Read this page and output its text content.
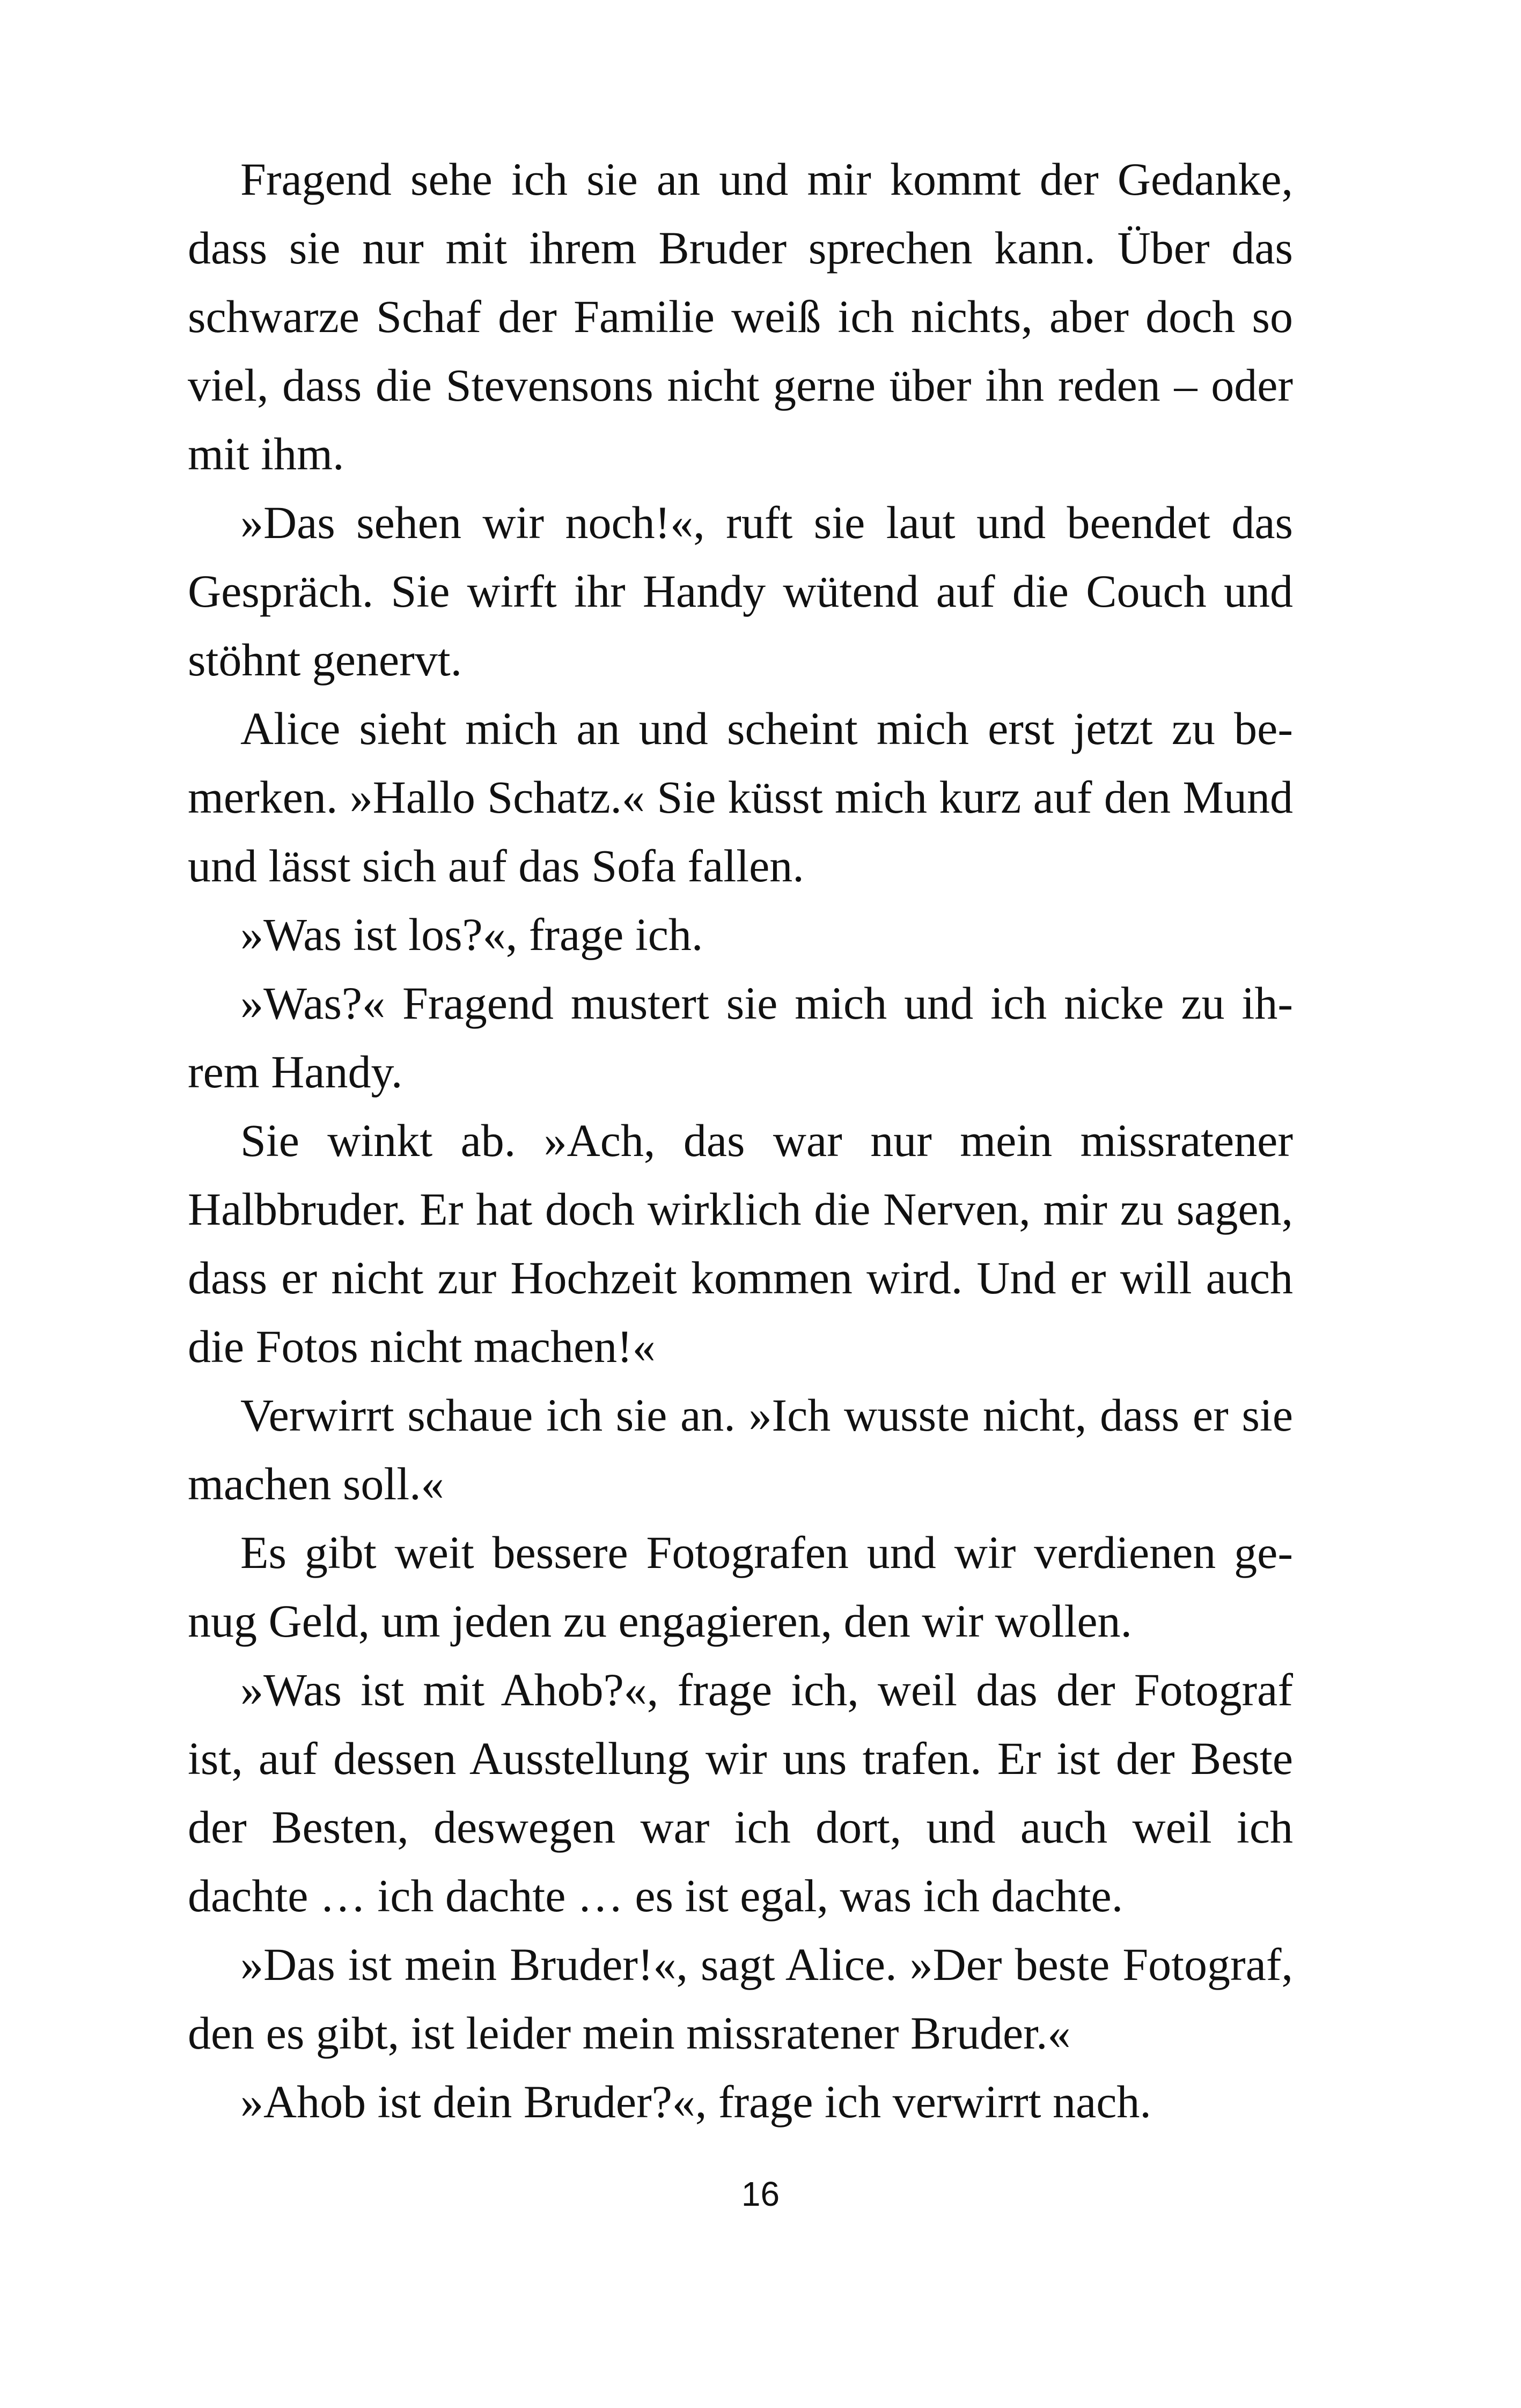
Fragend sehe ich sie an und mir kommt der Gedanke, dass sie nur mit ihrem Bruder sprechen kann. Über das schwarze Schaf der Familie weiß ich nichts, aber doch so viel, dass die Stevensons nicht gerne über ihn reden – oder mit ihm.

»Das sehen wir noch!«, ruft sie laut und beendet das Gespräch. Sie wirft ihr Handy wütend auf die Couch und stöhnt genervt.

Alice sieht mich an und scheint mich erst jetzt zu bemerken. »Hallo Schatz.« Sie küsst mich kurz auf den Mund und lässt sich auf das Sofa fallen.

»Was ist los?«, frage ich.

»Was?« Fragend mustert sie mich und ich nicke zu ihrem Handy.

Sie winkt ab. »Ach, das war nur mein missratener Halbbruder. Er hat doch wirklich die Nerven, mir zu sagen, dass er nicht zur Hochzeit kommen wird. Und er will auch die Fotos nicht machen!«

Verwirrt schaue ich sie an. »Ich wusste nicht, dass er sie machen soll.«

Es gibt weit bessere Fotografen und wir verdienen genug Geld, um jeden zu engagieren, den wir wollen.

»Was ist mit Ahob?«, frage ich, weil das der Fotograf ist, auf dessen Ausstellung wir uns trafen. Er ist der Beste der Besten, deswegen war ich dort, und auch weil ich dachte … ich dachte … es ist egal, was ich dachte.

»Das ist mein Bruder!«, sagt Alice. »Der beste Fotograf, den es gibt, ist leider mein missratener Bruder.«

»Ahob ist dein Bruder?«, frage ich verwirrt nach.

16
